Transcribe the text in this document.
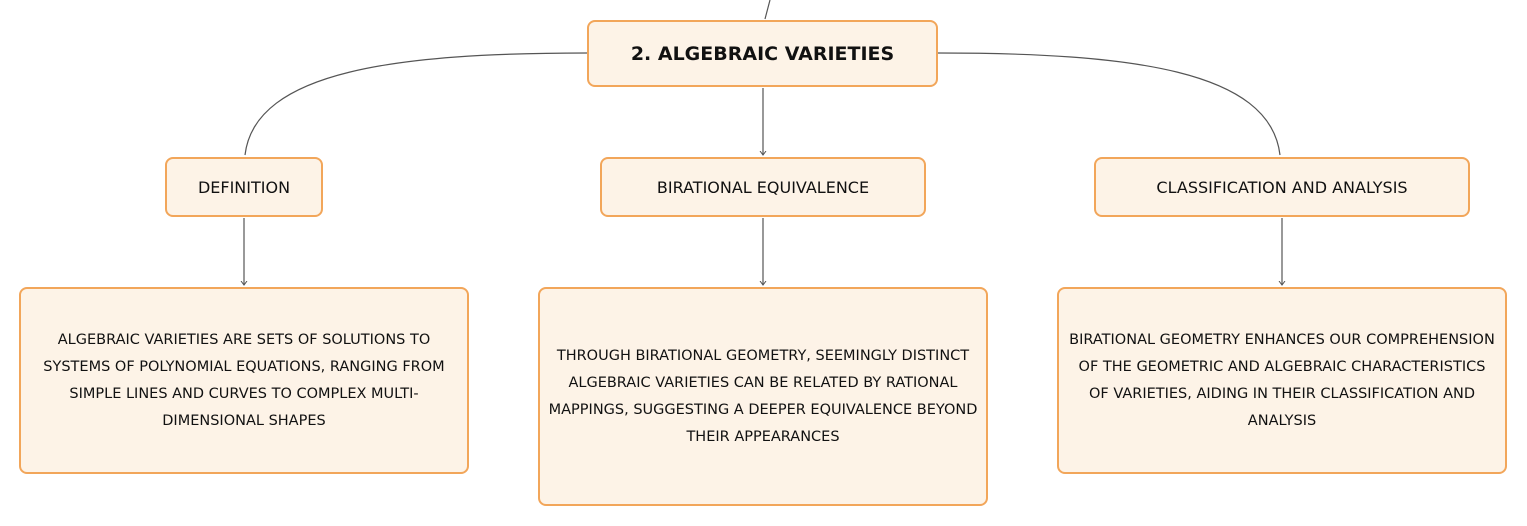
2. ALGEBRAIC VARIETIES
DEFINITION	BIRATIONAL EQUIVALENCE	CLASSIFICATION AND ANALYSIS
ALGEBRAIC VARIETIES ARE SETS OF SOLUTIONS TO SYSTEMS OF POLYNOMIAL EQUATIONS, RANGING FROM SIMPLE LINES AND CURVES TO COMPLEX MULTI-DIMENSIONAL SHAPES
THROUGH BIRATIONAL GEOMETRY, SEEMINGLY DISTINCT ALGEBRAIC VARIETIES CAN BE RELATED BY RATIONAL MAPPINGS, SUGGESTING A DEEPER EQUIVALENCE BEYOND THEIR APPEARANCES
BIRATIONAL GEOMETRY ENHANCES OUR COMPREHENSION OF THE GEOMETRIC AND ALGEBRAIC CHARACTERISTICS OF VARIETIES, AIDING IN THEIR CLASSIFICATION AND ANALYSIS
